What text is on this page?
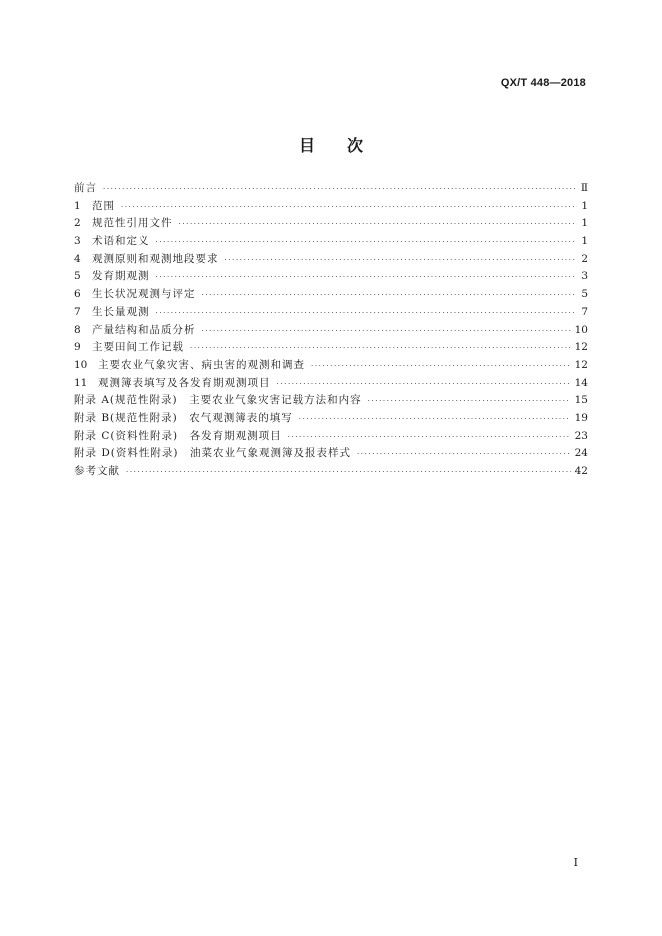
QX/T 448—2018
目 次
前言 ·····	Ⅱ
1	范围 ·····	1
2	规范性引用文件 ·····	1
3	术语和定义 ·····	1
4	观测原则和观测地段要求 ·····	2
5	发育期观测 ·····	3
6	生长状况观测与评定 ·····	5
7	生长量观测 ·····	7
8	产量结构和品质分析 ·····	10
9	主要田间工作记载 ·····	12
10	主要农业气象灾害、病虫害的观测和调查 ·····	12
11	观测簿表填写及各发育期观测项目 ·····	14
附录 A(规范性附录)　主要农业气象灾害记载方法和内容 ·····	15
附录 B(规范性附录)　农气观测簿表的填写 ·····	19
附录 C(资料性附录)　各发育期观测项目 ·····	23
附录 D(资料性附录)　油菜农业气象观测簿及报表样式 ·····	24
参考文献 ·····	42
Ⅰ
